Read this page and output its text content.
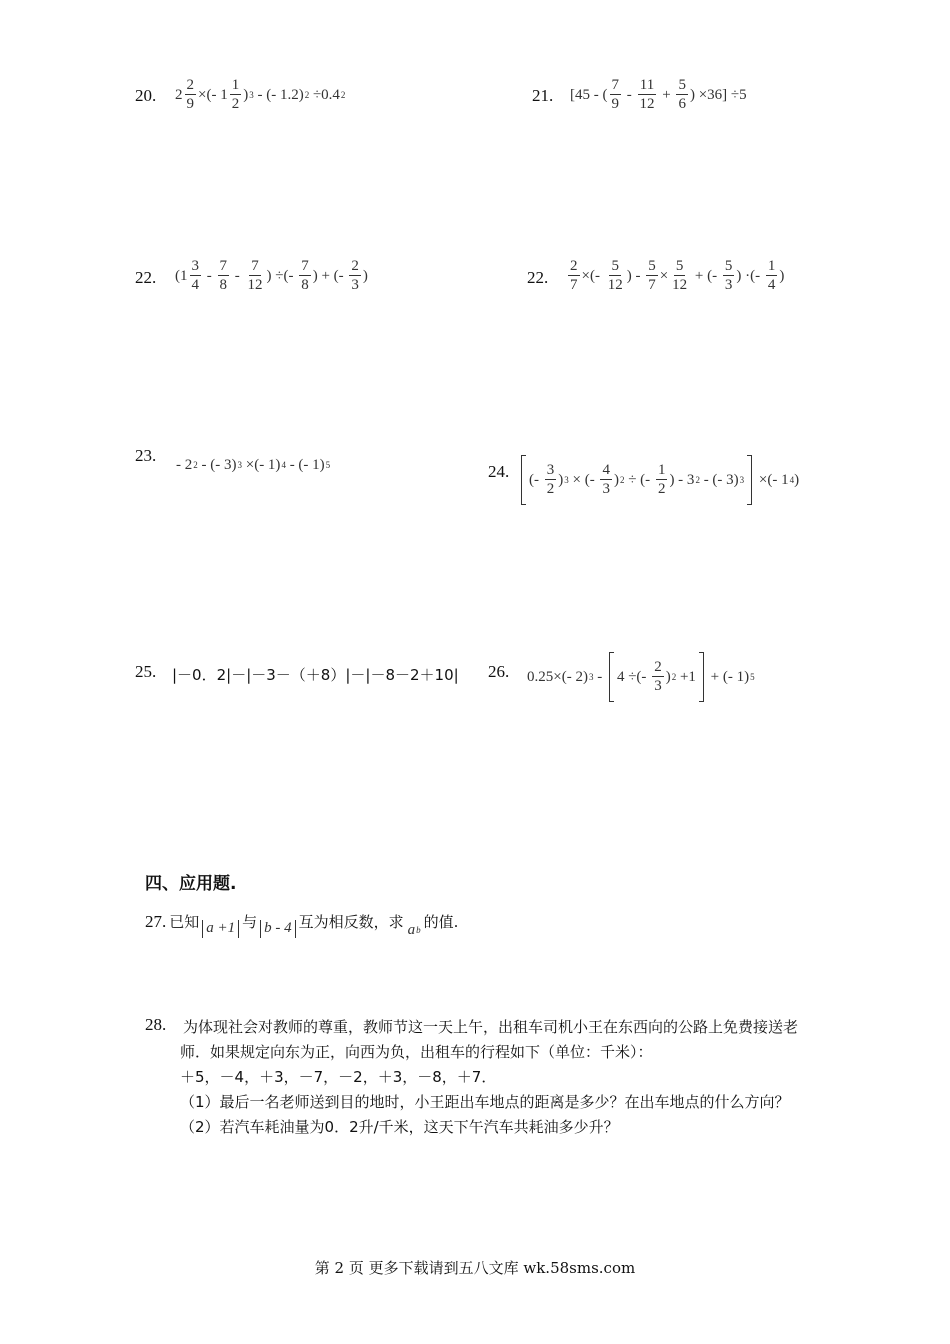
20. $2 \frac{2}{9}$ ×(- $1 \frac{1}{2}$ ) 3 - (- 1.2) 2 ÷0.4 2	21. [45 - ( $\frac{7}{9} - \frac{11}{12} + \frac{5}{6}$ ) ×36] ÷5
22. ($1 \frac{3}{4} - \frac{7}{8} - \frac{7}{12}$ ) ÷(- $\frac{7}{8}$ ) + (- $\frac{2}{3}$ )	22. $\frac{2}{7}$ ×(- $\frac{5}{12}$ ) - $\frac{5}{7} \times \frac{5}{12}$ + (- $\frac{5}{3}$ ) ·(- $\frac{1}{4}$ )
23. - 2 2 - (- 3) 3 ×(- 1) 4 - (- 1) 5	24. (- $\frac{3}{2}$ ) 3 × (- $\frac{4}{3}$ ) 2 ÷ (- $\frac{1}{2}$ ) - 3 2 - (- 3) 3 ×(- 1 4 )
25. |－0．2|－|－3－（＋8）|－|－8－2＋10| 26. 0.25×(- 2) 3 - 4 ÷(- $\frac{2}{3}$ ) 2 +1 + (- 1) 5
四、应用题.
27. 已知 a +1 与 b - 4 互为相反数，求 a b 的值.
28. 为体现社会对教师的尊重，教师节这一天上午，出租车司机小王在东西向的公路上免费接送老
师．如果规定向东为正，向西为负，出租车的行程如下（单位：千米）：
＋5，－4，＋3，－7，－2，＋3，－8，＋7．
（1）最后一名老师送到目的地时，小王距出车地点的距离是多少？在出车地点的什么方向？
（2）若汽车耗油量为0．2升/千米，这天下午汽车共耗油多少升？
第 2 页 更多下载请到五八文库 wk.58sms.com
